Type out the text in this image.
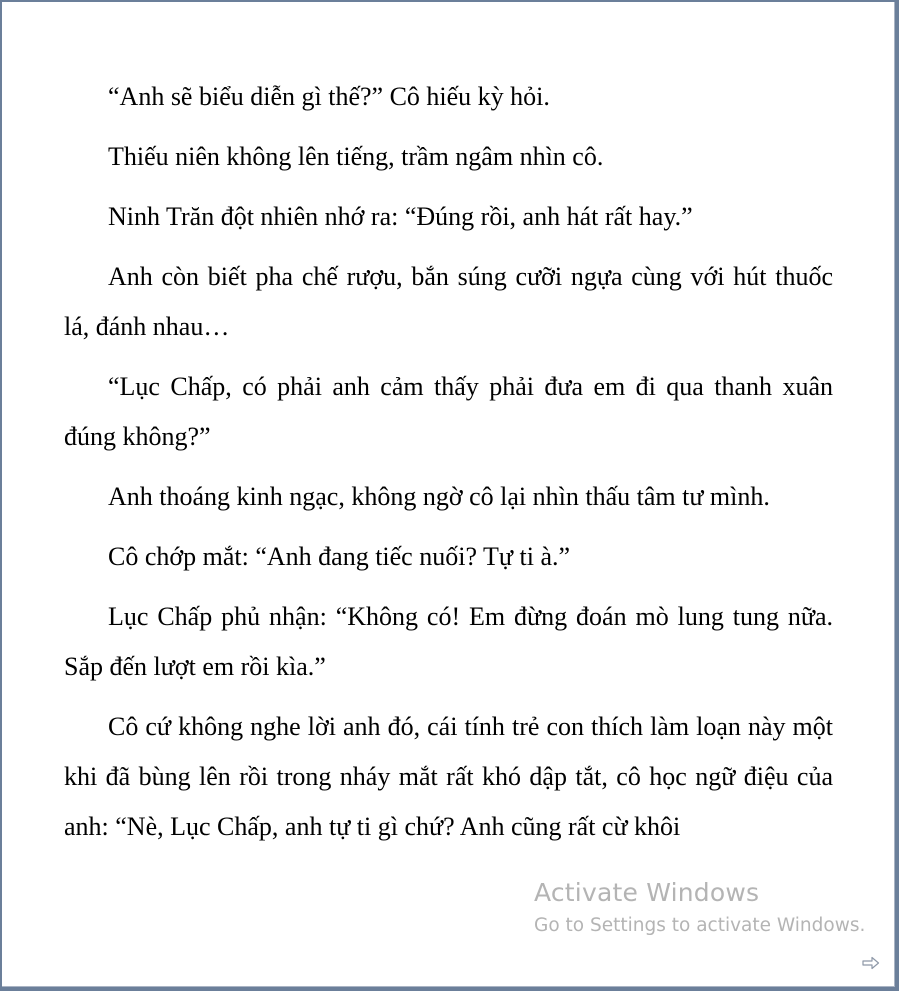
“Anh sẽ biểu diễn gì thế?” Cô hiếu kỳ hỏi.

Thiếu niên không lên tiếng, trầm ngâm nhìn cô.

Ninh Trăn đột nhiên nhớ ra: “Đúng rồi, anh hát rất hay.”

Anh còn biết pha chế rượu, bắn súng cưỡi ngựa cùng với hút thuốc lá, đánh nhau…

“Lục Chấp, có phải anh cảm thấy phải đưa em đi qua thanh xuân đúng không?”

Anh thoáng kinh ngạc, không ngờ cô lại nhìn thấu tâm tư mình.

Cô chớp mắt: “Anh đang tiếc nuối? Tự ti à.”

Lục Chấp phủ nhận: “Không có! Em đừng đoán mò lung tung nữa. Sắp đến lượt em rồi kìa.”

Cô cứ không nghe lời anh đó, cái tính trẻ con thích làm loạn này một khi đã bùng lên rồi trong nháy mắt rất khó dập tắt, cô học ngữ điệu của anh: “Nè, Lục Chấp, anh tự ti gì chứ? Anh cũng rất cừ khôi

Activate Windows
Go to Settings to activate Windows.
